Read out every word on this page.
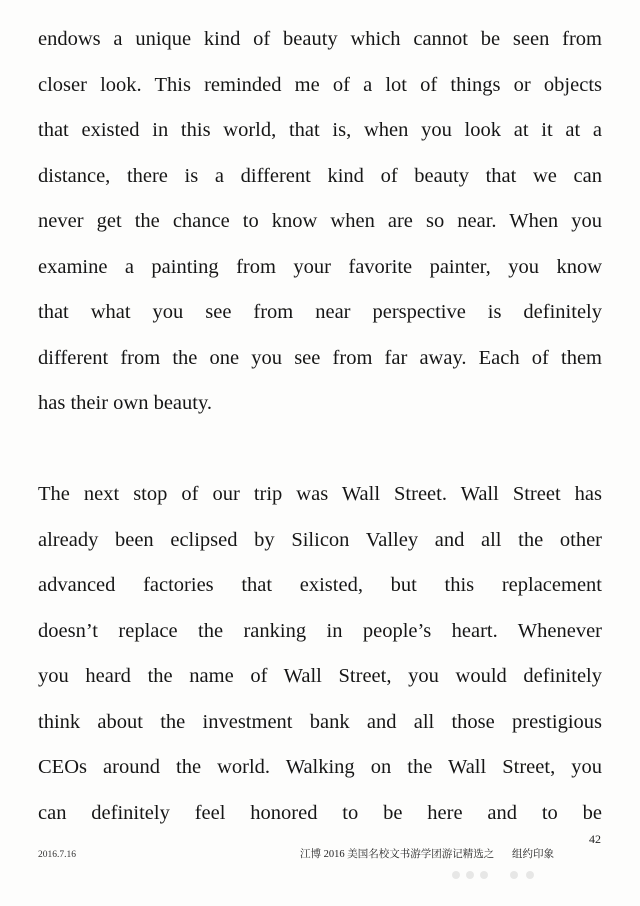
endows a unique kind of beauty which cannot be seen from
closer look. This reminded me of a lot of things or objects
that existed in this world, that is, when you look at it at a
distance, there is a different kind of beauty that we can
never get the chance to know when are so near. When you
examine a painting from your favorite painter, you know
that what you see from near perspective is definitely
different from the one you see from far away. Each of them
has their own beauty.
The next stop of our trip was Wall Street. Wall Street has
already been eclipsed by Silicon Valley and all the other
advanced factories that existed, but this replacement
doesn’t replace the ranking in people’s heart. Whenever
you heard the name of Wall Street, you would definitely
think about the investment bank and all those prestigious
CEOs around the world. Walking on the Wall Street, you
can definitely feel honored to be here and to be
42
2016.7.16	江博 2016 美国名校文书游学团游记精选之 组约印象
